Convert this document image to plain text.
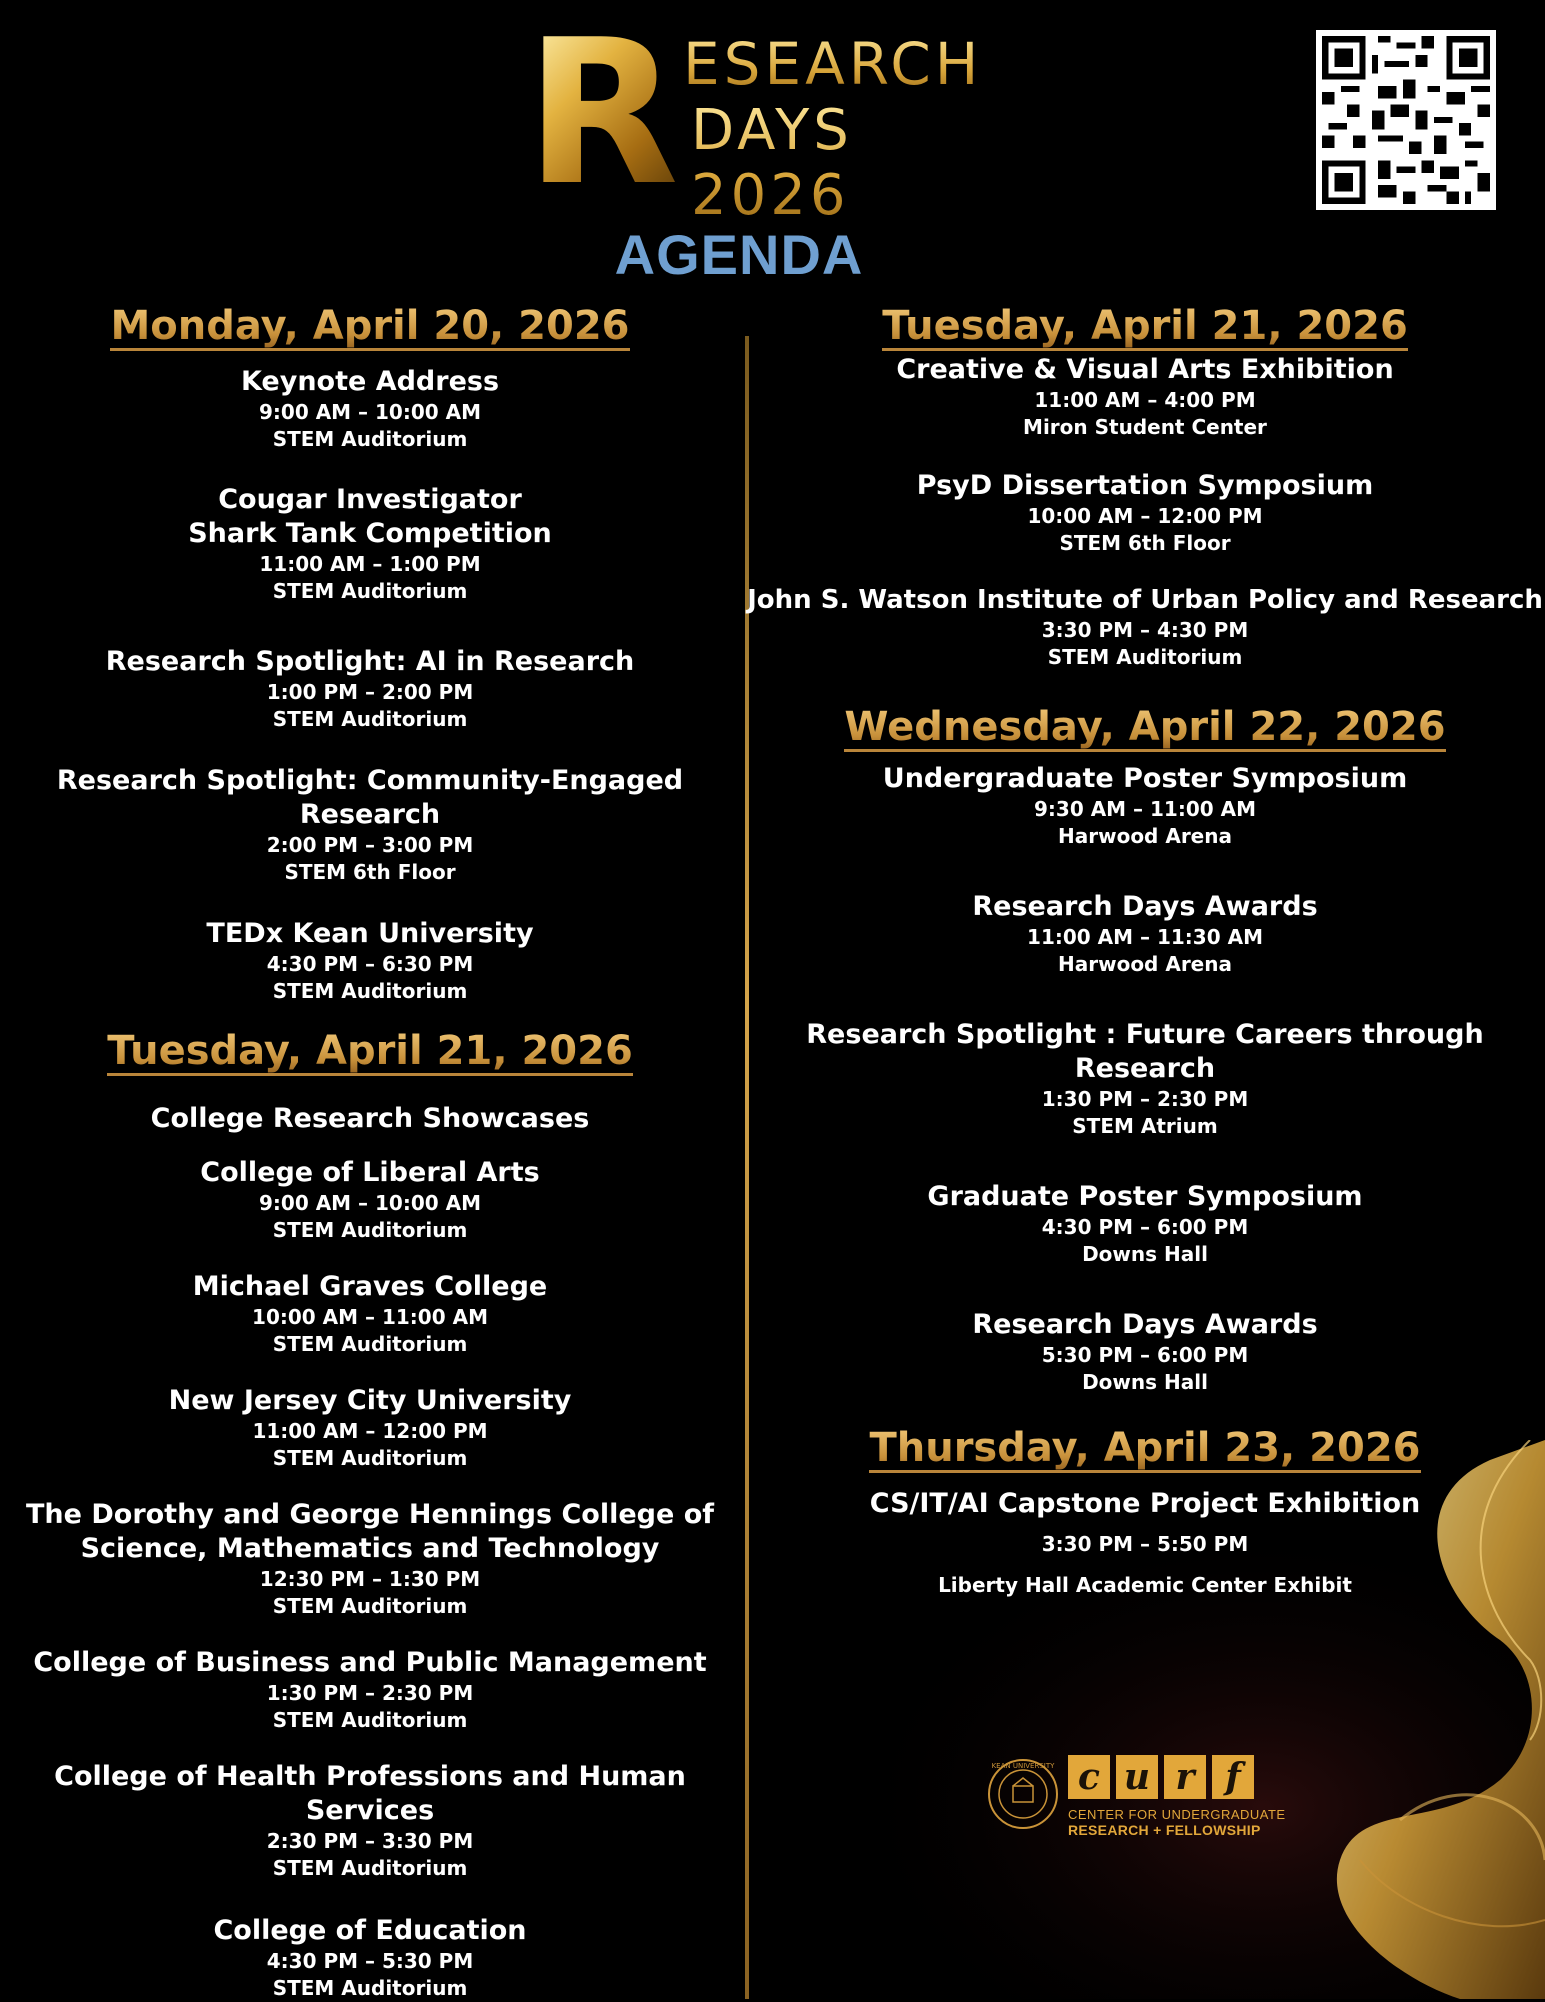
R ESEARCH
DAYS 2026
AGENDA
Monday, April 20, 2026
Keynote Address
9:00 AM – 10:00 AM
STEM Auditorium
Cougar Investigator
Shark Tank Competition
11:00 AM – 1:00 PM
STEM Auditorium
Research Spotlight: AI in Research
1:00 PM – 2:00 PM
STEM Auditorium
Research Spotlight: Community-Engaged Research
2:00 PM – 3:00 PM
STEM 6th Floor
TEDx Kean University
4:30 PM – 6:30 PM
STEM Auditorium
Tuesday, April 21, 2026
College Research Showcases
College of Liberal Arts
9:00 AM – 10:00 AM
STEM Auditorium
Michael Graves College
10:00 AM – 11:00 AM
STEM Auditorium
New Jersey City University
11:00 AM – 12:00 PM
STEM Auditorium
The Dorothy and George Hennings College of
Science, Mathematics and Technology
12:30 PM – 1:30 PM
STEM Auditorium
College of Business and Public Management
1:30 PM – 2:30 PM
STEM Auditorium
College of Health Professions and Human Services
2:30 PM – 3:30 PM
STEM Auditorium
College of Education
4:30 PM – 5:30 PM
STEM Auditorium
Tuesday, April 21, 2026
Creative & Visual Arts Exhibition
11:00 AM – 4:00 PM
Miron Student Center
PsyD Dissertation Symposium
10:00 AM – 12:00 PM
STEM 6th Floor
John S. Watson Institute of Urban Policy and Research
3:30 PM – 4:30 PM
STEM Auditorium
Wednesday, April 22, 2026
Undergraduate Poster Symposium
9:30 AM – 11:00 AM
Harwood Arena
Research Days Awards
11:00 AM – 11:30 AM
Harwood Arena
Research Spotlight : Future Careers through
Research
1:30 PM – 2:30 PM
STEM Atrium
Graduate Poster Symposium
4:30 PM – 6:00 PM
Downs Hall
Research Days Awards
5:30 PM – 6:00 PM
Downs Hall
Thursday, April 23, 2026
CS/IT/AI Capstone Project Exhibition
3:30 PM – 5:50 PM
Liberty Hall Academic Center Exhibit
KEAN UNIVERSITY c u r f
CENTER FOR UNDERGRADUATE
RESEARCH + FELLOWSHIP
